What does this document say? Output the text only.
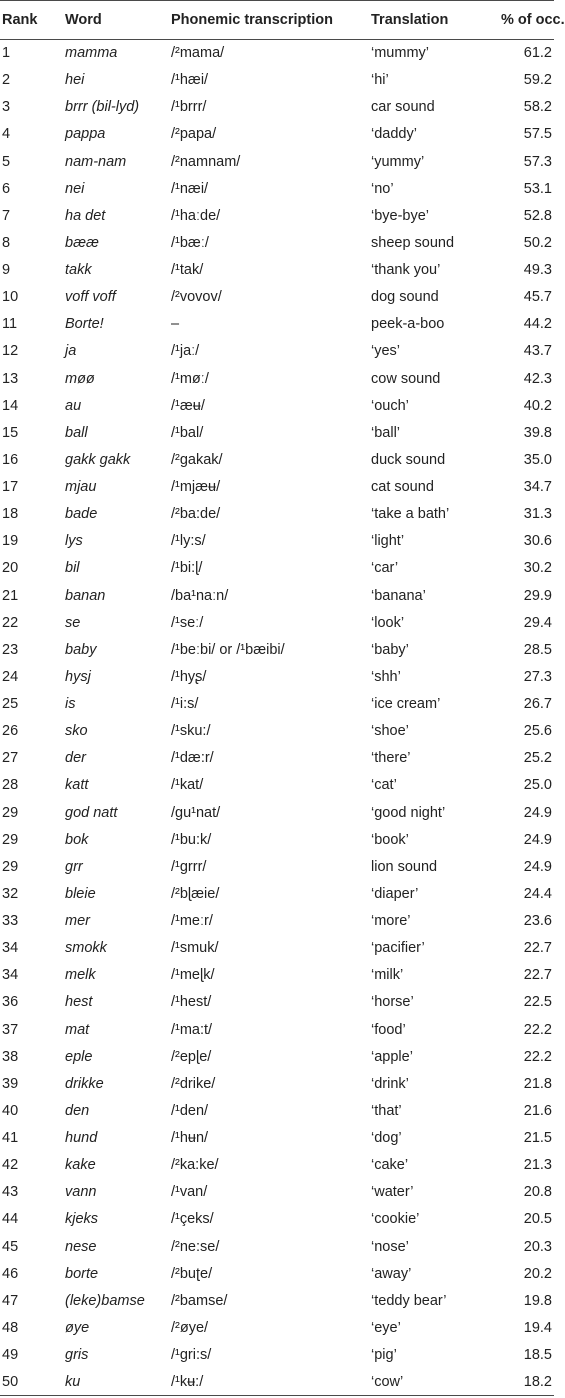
Rank	Word	Phonemic transcription	Translation	% of occ.
1	mamma	/²mama/	‘mummy’	61.2
2	hei	/¹hæi/	‘hi’	59.2
3	brrr (bil-lyd)	/¹brrr/	car sound	58.2
4	pappa	/²papa/	‘daddy’	57.5
5	nam-nam	/²namnam/	‘yummy’	57.3
6	nei	/¹næi/	‘no’	53.1
7	ha det	/¹haːde/	‘bye-bye’	52.8
8	bææ	/¹bæː/	sheep sound	50.2
9	takk	/¹tak/	‘thank you’	49.3
10	voff voff	/²vovov/	dog sound	45.7
11	Borte!	–	peek-a-boo	44.2
12	ja	/¹jaː/	‘yes’	43.7
13	møø	/¹møː/	cow sound	42.3
14	au	/¹æʉ/	‘ouch’	40.2
15	ball	/¹bal/	‘ball’	39.8
16	gakk gakk	/²gakak/	duck sound	35.0
17	mjau	/¹mjæʉ/	cat sound	34.7
18	bade	/²ba:de/	‘take a bath’	31.3
19	lys	/¹ly:s/	‘light’	30.6
20	bil	/¹bi:ɭ/	‘car’	30.2
21	banan	/ba¹naːn/	‘banana’	29.9
22	se	/¹seː/	‘look’	29.4
23	baby	/¹beːbi/ or /¹bæibi/	‘baby’	28.5
24	hysj	/¹hyʂ/	‘shh’	27.3
25	is	/¹i:s/	‘ice cream’	26.7
26	sko	/¹sku:/	‘shoe’	25.6
27	der	/¹dæ:r/	‘there’	25.2
28	katt	/¹kat/	‘cat’	25.0
29	god natt	/gu¹nat/	‘good night’	24.9
29	bok	/¹bu:k/	‘book’	24.9
29	grr	/¹grrr/	lion sound	24.9
32	bleie	/²bɭæie/	‘diaper’	24.4
33	mer	/¹meːr/	‘more’	23.6
34	smokk	/¹smuk/	‘pacifier’	22.7
34	melk	/¹meɭk/	‘milk’	22.7
36	hest	/¹hest/	‘horse’	22.5
37	mat	/¹ma:t/	‘food’	22.2
38	eple	/²epɭe/	‘apple’	22.2
39	drikke	/²drike/	‘drink’	21.8
40	den	/¹den/	‘that’	21.6
41	hund	/¹hʉn/	‘dog’	21.5
42	kake	/²ka:ke/	‘cake’	21.3
43	vann	/¹van/	‘water’	20.8
44	kjeks	/¹çeks/	‘cookie’	20.5
45	nese	/²ne:se/	‘nose’	20.3
46	borte	/²buʈe/	‘away’	20.2
47	(leke)bamse	/²bamse/	‘teddy bear’	19.8
48	øye	/²øye/	‘eye’	19.4
49	gris	/¹gri:s/	‘pig’	18.5
50	ku	/¹kʉ:/	‘cow’	18.2
